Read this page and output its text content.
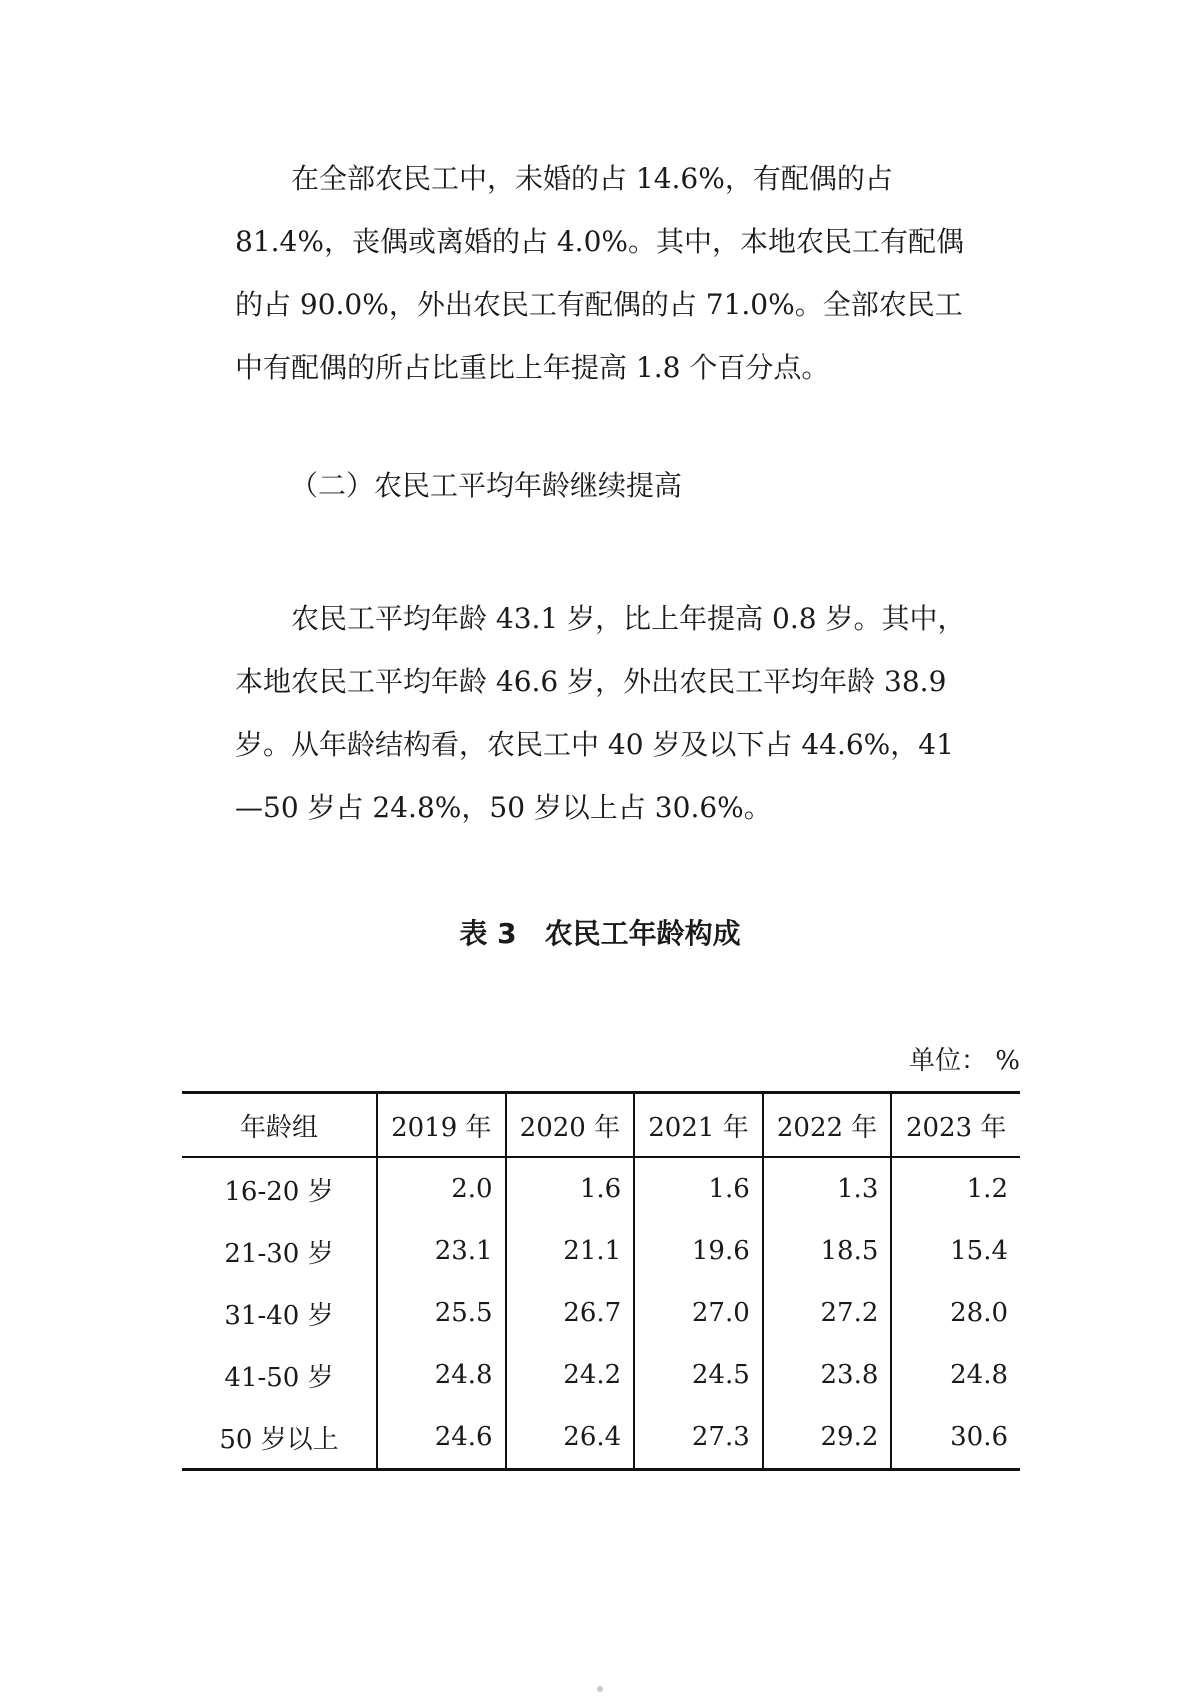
在全部农民工中，未婚的占 14.6%，有配偶的占 81.4%，丧偶或离婚的占 4.0%。其中，本地农民工有配偶的占 90.0%，外出农民工有配偶的占 71.0%。全部农民工中有配偶的所占比重比上年提高 1.8 个百分点。

（二）农民工平均年龄继续提高

农民工平均年龄 43.1 岁，比上年提高 0.8 岁。其中，本地农民工平均年龄 46.6 岁，外出农民工平均年龄 38.9 岁。从年龄结构看，农民工中 40 岁及以下占 44.6%，41—50 岁占 24.8%，50 岁以上占 30.6%。

表 3 农民工年龄构成
单位： %
年龄组	2019 年	2020 年	2021 年	2022 年	2023 年
16-20 岁	2.0	1.6	1.6	1.3	1.2
21-30 岁	23.1	21.1	19.6	18.5	15.4
31-40 岁	25.5	26.7	27.0	27.2	28.0
41-50 岁	24.8	24.2	24.5	23.8	24.8
50 岁以上	24.6	26.4	27.3	29.2	30.6
